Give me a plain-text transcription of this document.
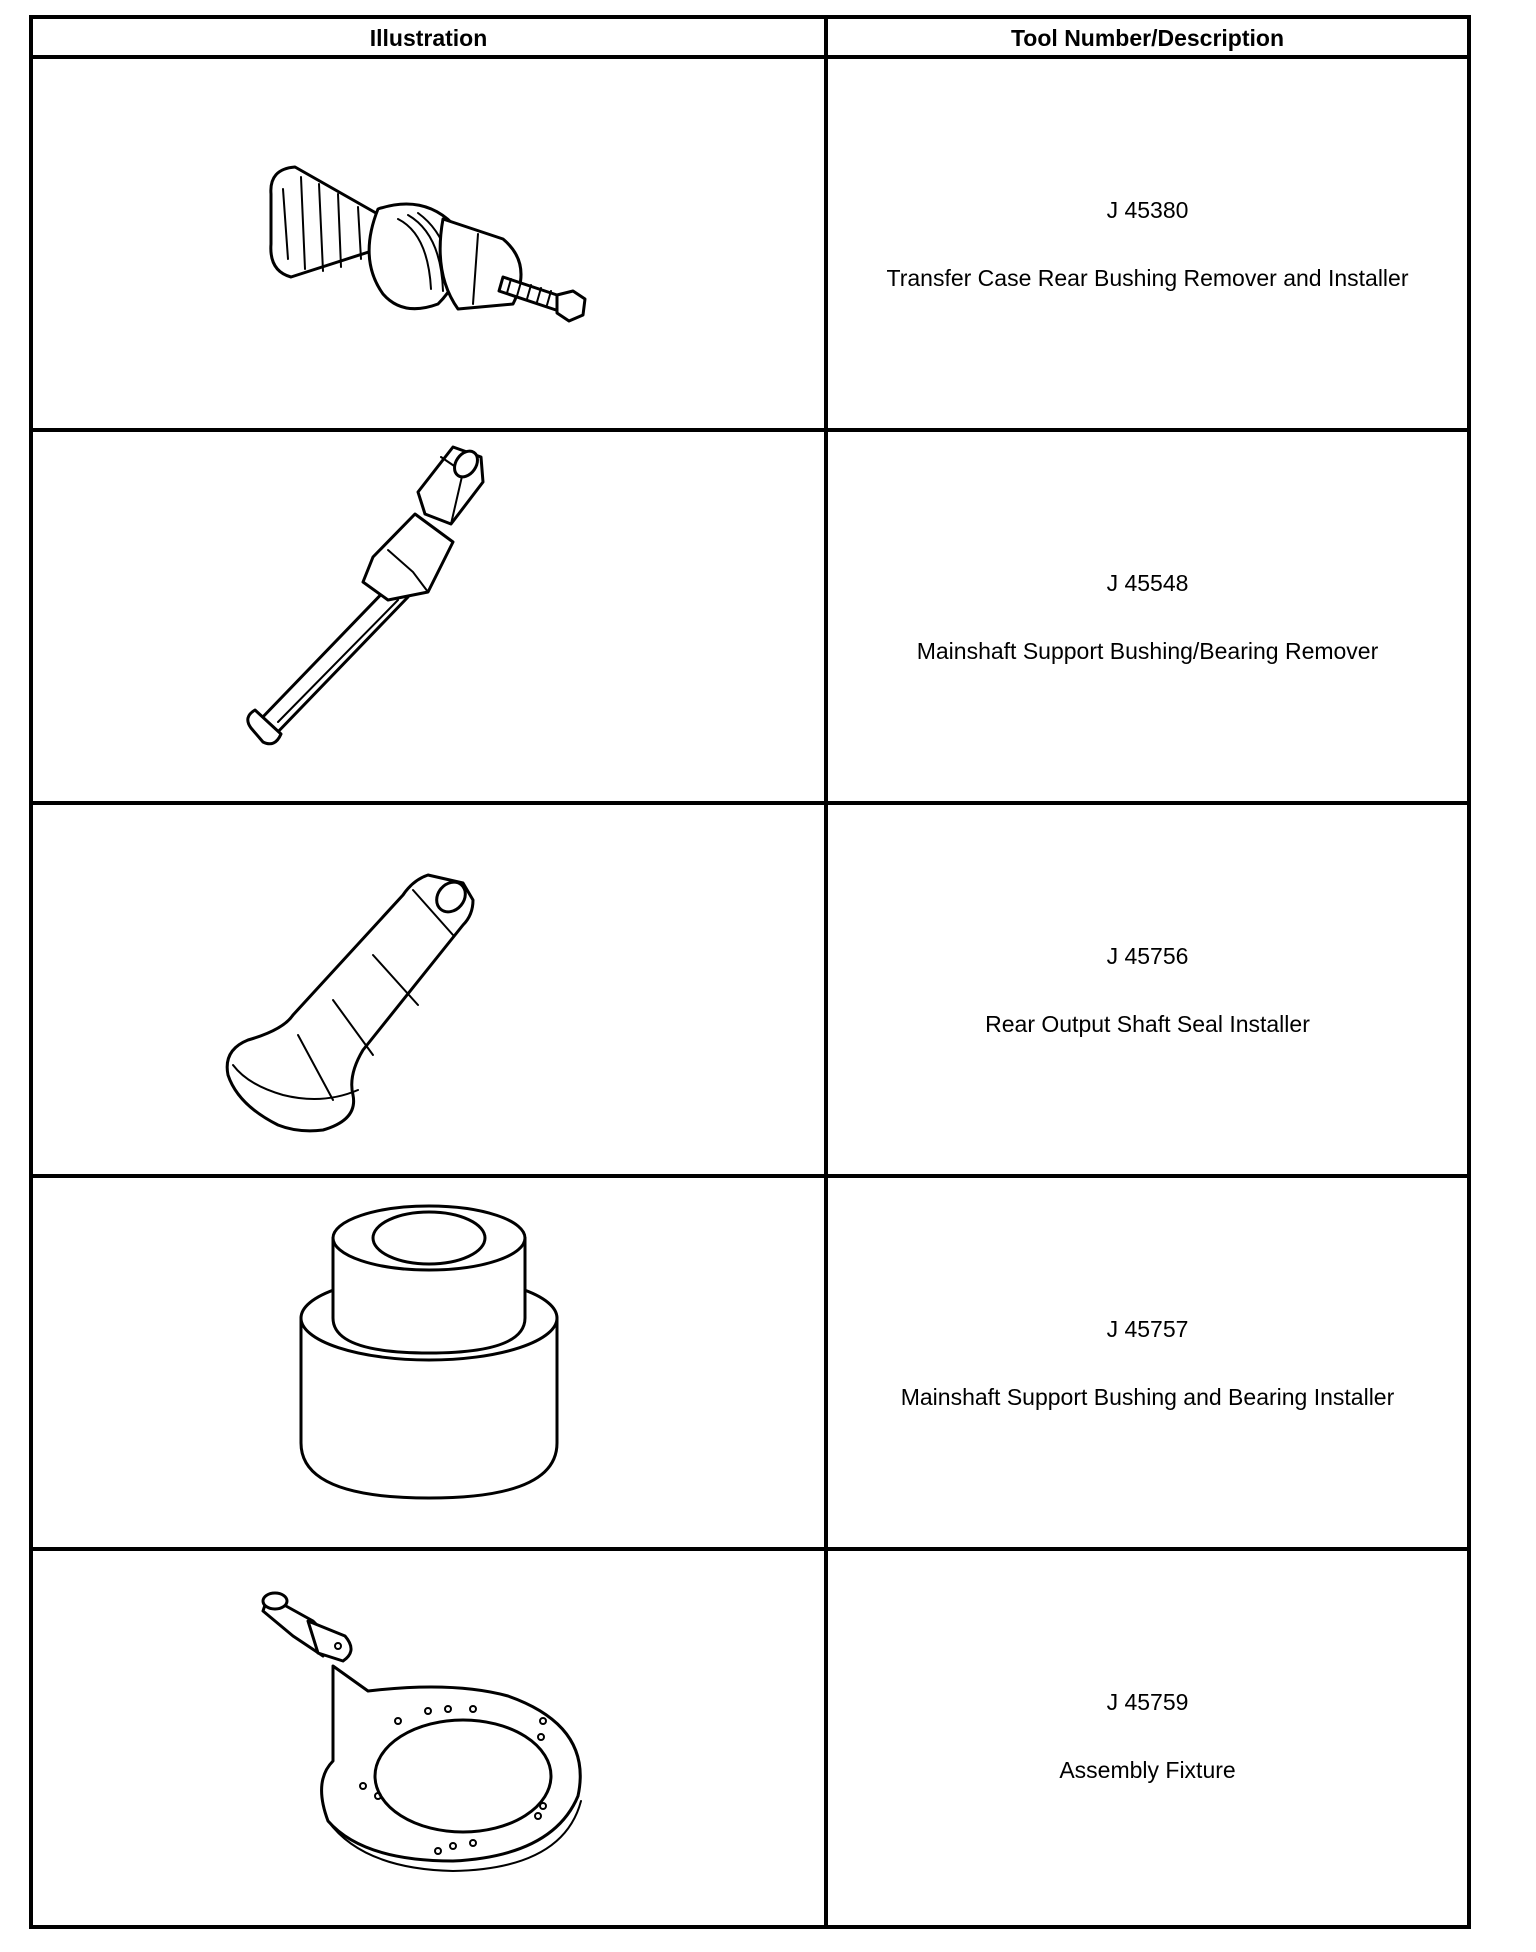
Illustration	Tool Number/Description
J 45380
Transfer Case Rear Bushing Remover and Installer
J 45548
Mainshaft Support Bushing/Bearing Remover
J 45756
Rear Output Shaft Seal Installer
J 45757
Mainshaft Support Bushing and Bearing Installer
J 45759
Assembly Fixture
